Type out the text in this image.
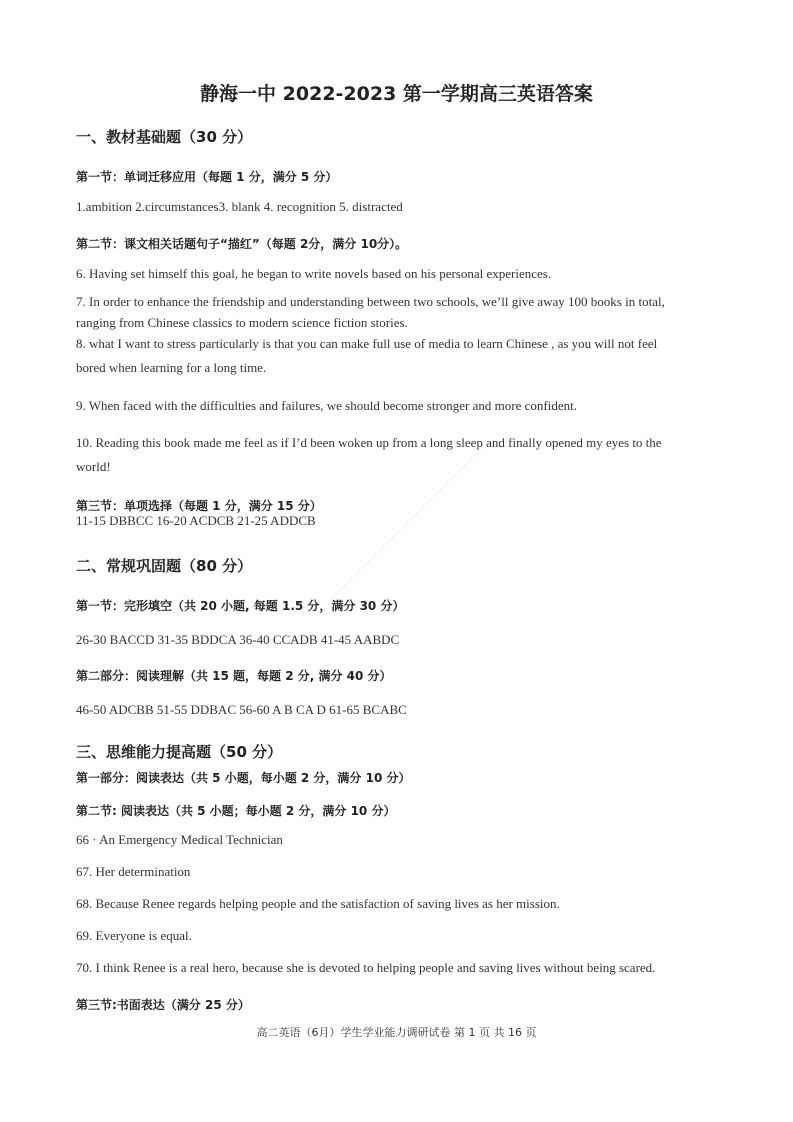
静海一中 2022-2023 第一学期高三英语答案
一、教材基础题（30 分）
第一节：单词迁移应用（每题 1 分，满分 5 分）
1.ambition 2.circumstances3. blank 4. recognition 5. distracted
第二节：课文相关话题句子“描红”（每题 2分，满分 10分）。
6. Having set himself this goal, he began to write novels based on his personal experiences.
7. In order to enhance the friendship and understanding between two schools, we’ll give away 100 books in total,
ranging from Chinese classics to modern science fiction stories.
8. what I want to stress particularly is that you can make full use of media to learn Chinese , as you will not feel
bored when learning for a long time.
9. When faced with the difficulties and failures, we should become stronger and more confident.
10. Reading this book made me feel as if I’d been woken up from a long sleep and finally opened my eyes to the
world!
第三节：单项选择（每题 1 分，满分 15 分）
11-15 DBBCC 16-20 ACDCB 21-25 ADDCB
二、常规巩固题（80 分）
第一节：完形填空（共 20 小题, 每题 1.5 分，满分 30 分）
26-30 BACCD 31-35 BDDCA 36-40 CCADB 41-45 AABDC
第二部分：阅读理解（共 15 题，每题 2 分, 满分 40 分）
46-50 ADCBB 51-55 DDBAC 56-60 A B CA D 61-65 BCABC
三、思维能力提高题（50 分）
第一部分：阅读表达（共 5 小题，每小题 2 分，满分 10 分）
第二节: 阅读表达（共 5 小题；每小题 2 分，满分 10 分）
66 · An Emergency Medical Technician
67. Her determination
68. Because Renee regards helping people and the satisfaction of saving lives as her mission.
69. Everyone is equal.
70. I think Renee is a real hero, because she is devoted to helping people and saving lives without being scared.
第三节:书面表达（满分 25 分）
高二英语（6月）学生学业能力调研试卷 第 1 页 共 16 页
